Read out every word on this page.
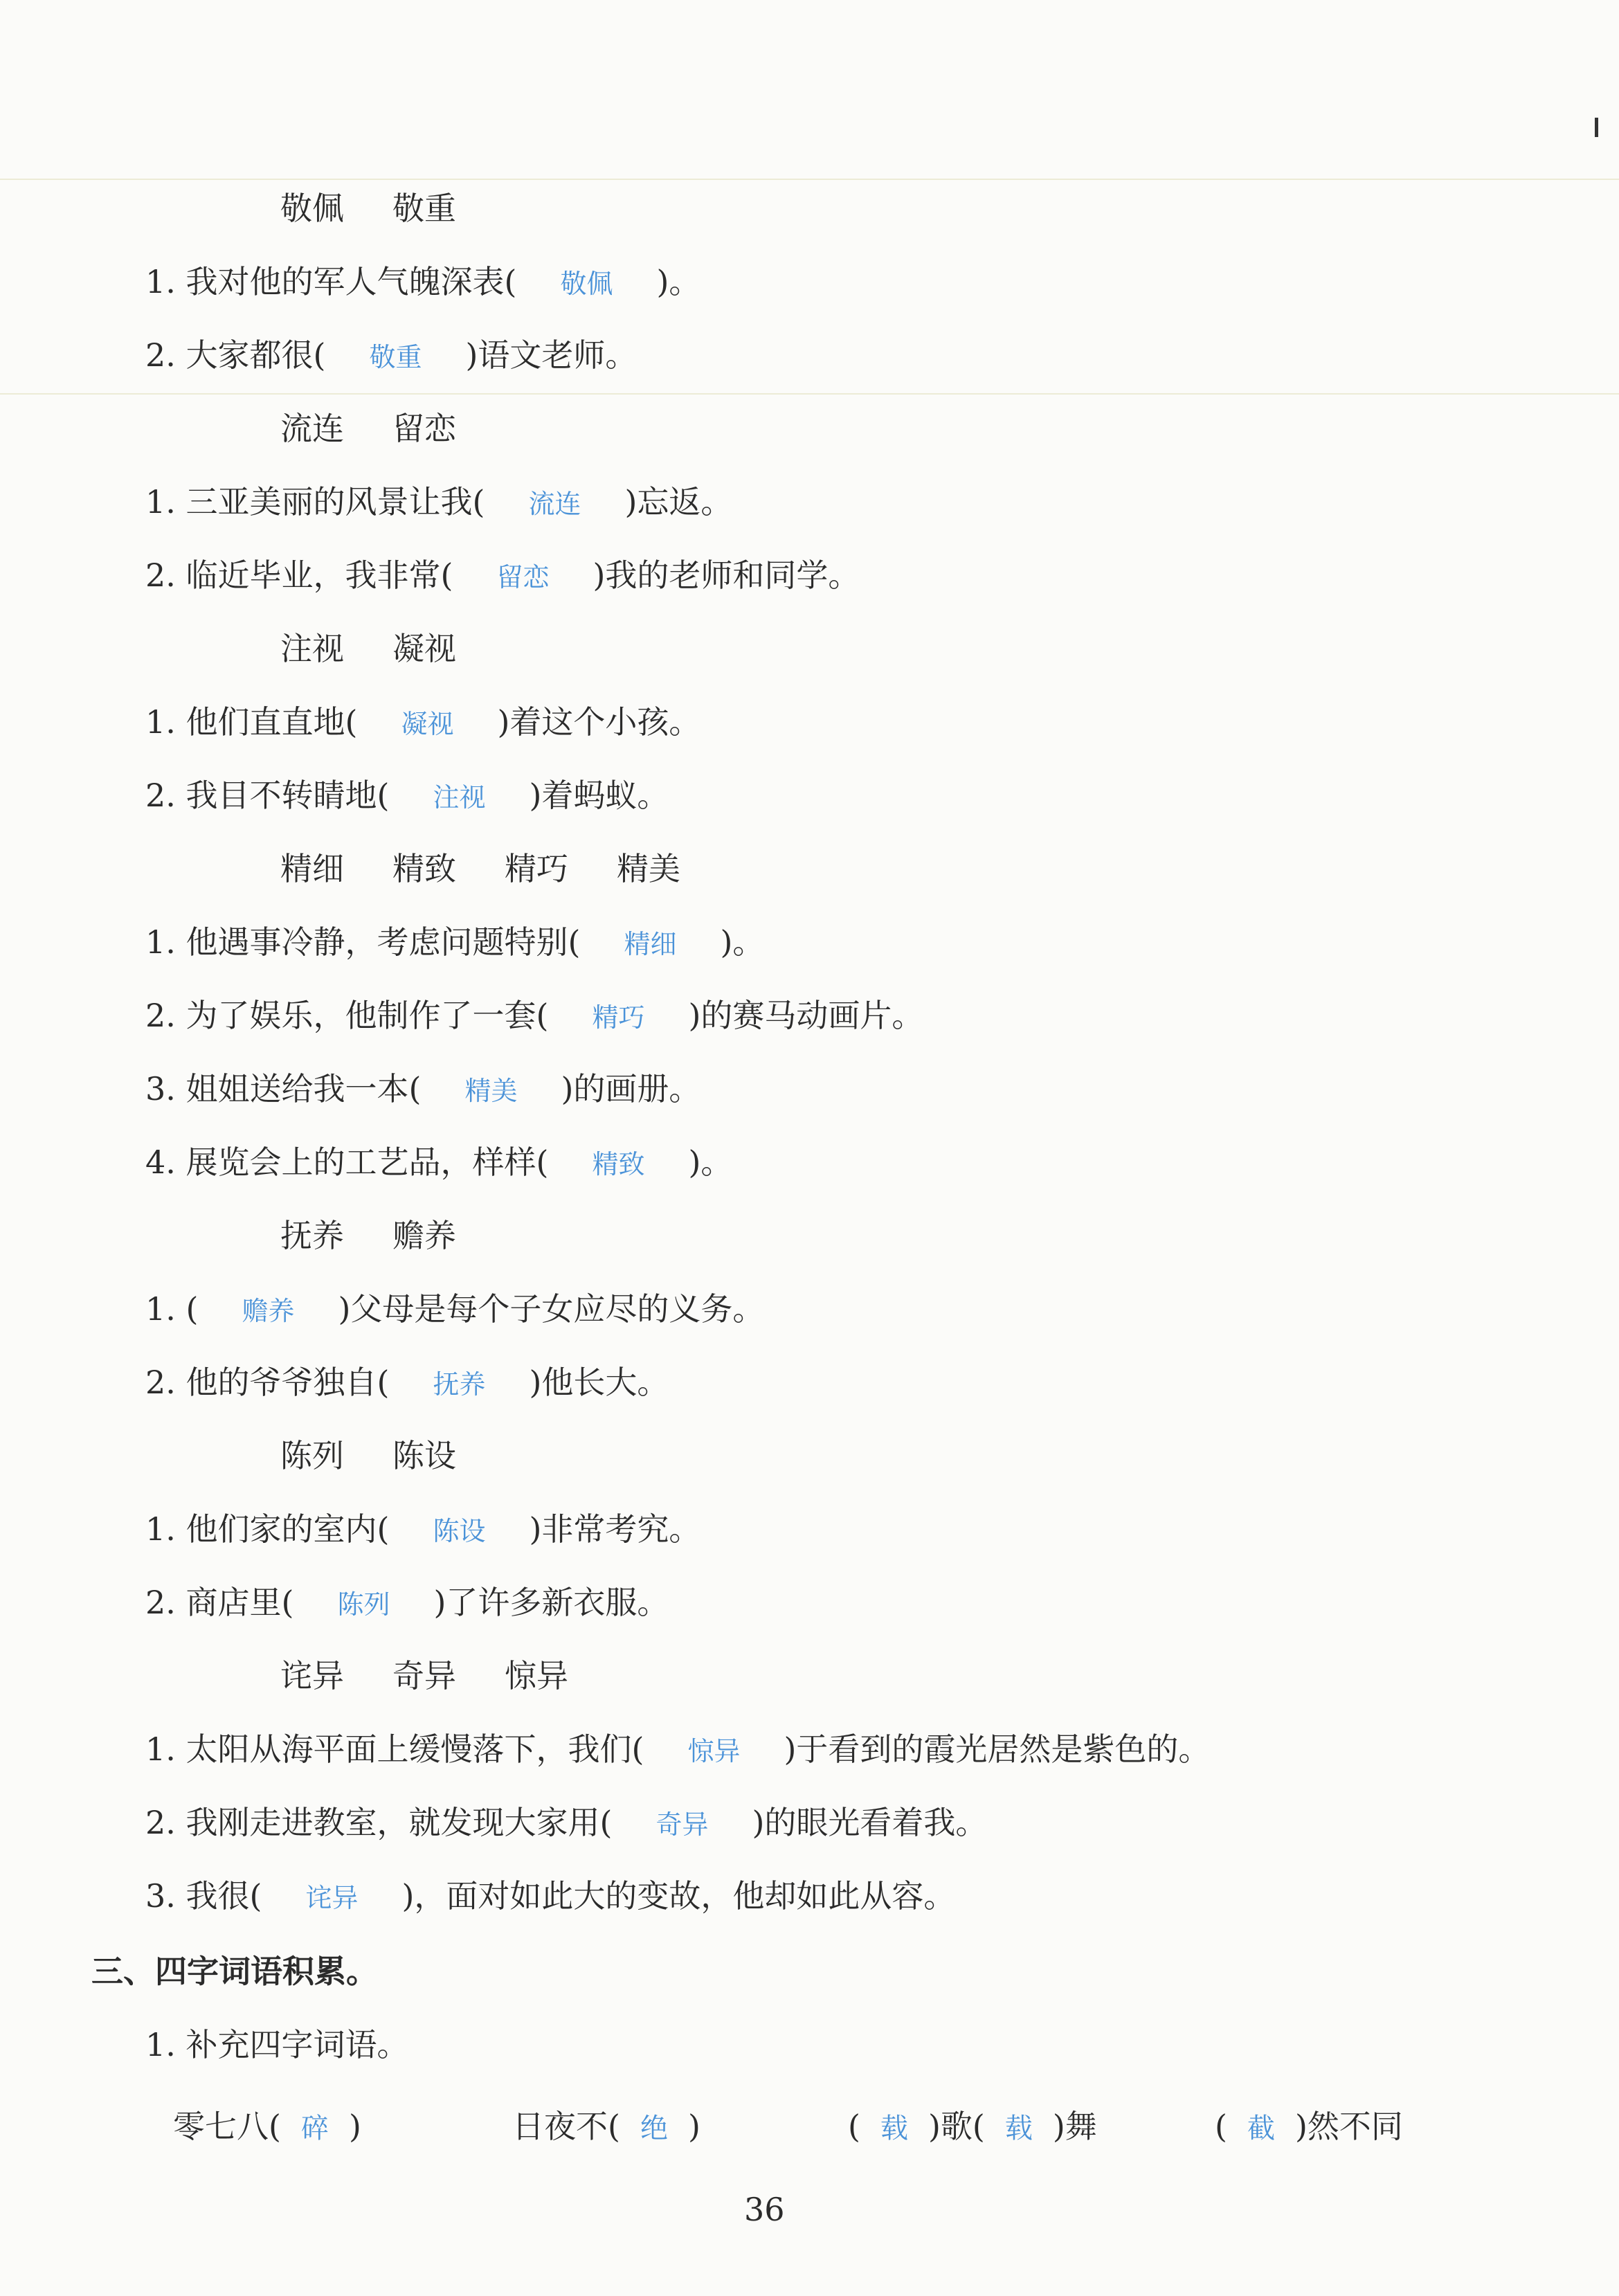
敬佩 敬重
1. 我对他的军人气魄深表( 敬佩 )。
2. 大家都很( 敬重 )语文老师。
流连 留恋
1. 三亚美丽的风景让我( 流连 )忘返。
2. 临近毕业，我非常( 留恋 )我的老师和同学。
注视 凝视
1. 他们直直地( 凝视 )着这个小孩。
2. 我目不转睛地( 注视 )着蚂蚁。
精细 精致 精巧 精美
1. 他遇事冷静，考虑问题特别( 精细 )。
2. 为了娱乐，他制作了一套( 精巧 )的赛马动画片。
3. 姐姐送给我一本( 精美 )的画册。
4. 展览会上的工艺品，样样( 精致 )。
抚养 赡养
1. ( 赡养 )父母是每个子女应尽的义务。
2. 他的爷爷独自( 抚养 )他长大。
陈列 陈设
1. 他们家的室内( 陈设 )非常考究。
2. 商店里( 陈列 )了许多新衣服。
诧异 奇异 惊异
1. 太阳从海平面上缓慢落下，我们( 惊异 )于看到的霞光居然是紫色的。
2. 我刚走进教室，就发现大家用( 奇异 )的眼光看着我。
3. 我很( 诧异 )，面对如此大的变故，他却如此从容。
三、四字词语积累。
1. 补充四字词语。
零七八( 碎 )	日夜不( 绝 )	( 载 )歌( 载 )舞	( 截 )然不同
36
